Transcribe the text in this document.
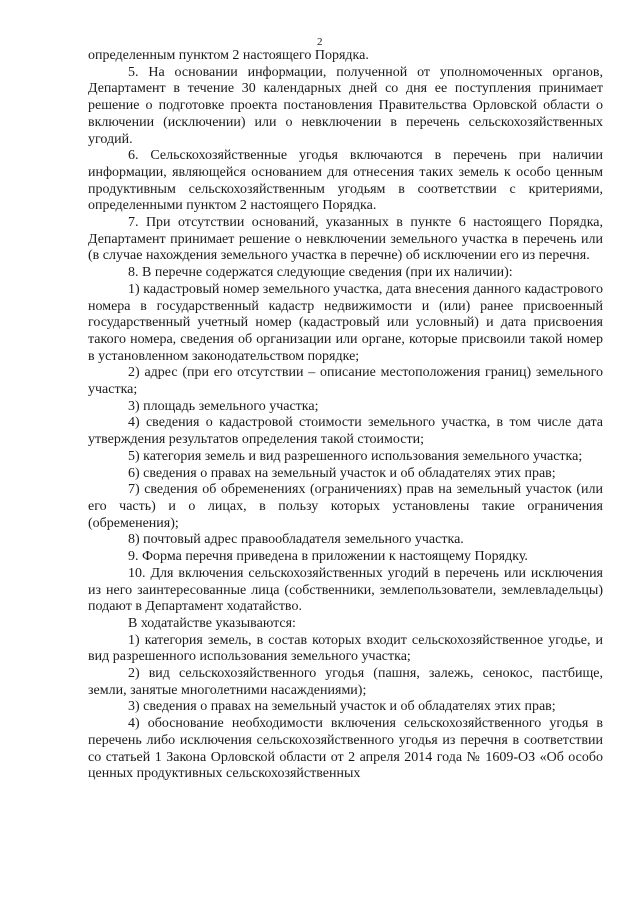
2

определенным пунктом 2 настоящего Порядка.

5. На основании информации, полученной от уполномоченных органов, Департамент в течение 30 календарных дней со дня ее поступления принимает решение о подготовке проекта постановления Правительства Орловской области о включении (исключении) или о невключении в перечень сельскохозяйственных угодий.

6. Сельскохозяйственные угодья включаются в перечень при наличии информации, являющейся основанием для отнесения таких земель к особо ценным продуктивным сельскохозяйственным угодьям в соответствии с критериями, определенными пунктом 2 настоящего Порядка.

7. При отсутствии оснований, указанных в пункте 6 настоящего Порядка, Департамент принимает решение о невключении земельного участка в перечень или (в случае нахождения земельного участка в перечне) об исключении его из перечня.

8. В перечне содержатся следующие сведения (при их наличии):

1) кадастровый номер земельного участка, дата внесения данного кадастрового номера в государственный кадастр недвижимости и (или) ранее присвоенный государственный учетный номер (кадастровый или условный) и дата присвоения такого номера, сведения об организации или органе, которые присвоили такой номер в установленном законодательством порядке;

2) адрес (при его отсутствии – описание местоположения границ) земельного участка;

3) площадь земельного участка;

4) сведения о кадастровой стоимости земельного участка, в том числе дата утверждения результатов определения такой стоимости;

5) категория земель и вид разрешенного использования земельного участка;

6) сведения о правах на земельный участок и об обладателях этих прав;

7) сведения об обременениях (ограничениях) прав на земельный участок (или его часть) и о лицах, в пользу которых установлены такие ограничения (обременения);

8) почтовый адрес правообладателя земельного участка.

9. Форма перечня приведена в приложении к настоящему Порядку.

10. Для включения сельскохозяйственных угодий в перечень или исключения из него заинтересованные лица (собственники, землепользователи, землевладельцы) подают в Департамент ходатайство.

В ходатайстве указываются:

1) категория земель, в состав которых входит сельскохозяйственное угодье, и вид разрешенного использования земельного участка;

2) вид сельскохозяйственного угодья (пашня, залежь, сенокос, пастбище, земли, занятые многолетними насаждениями);

3) сведения о правах на земельный участок и об обладателях этих прав;

4) обоснование необходимости включения сельскохозяйственного угодья в перечень либо исключения сельскохозяйственного угодья из перечня в соответствии со статьей 1 Закона Орловской области от 2 апреля 2014 года № 1609-ОЗ «Об особо ценных продуктивных сельскохозяйственных
